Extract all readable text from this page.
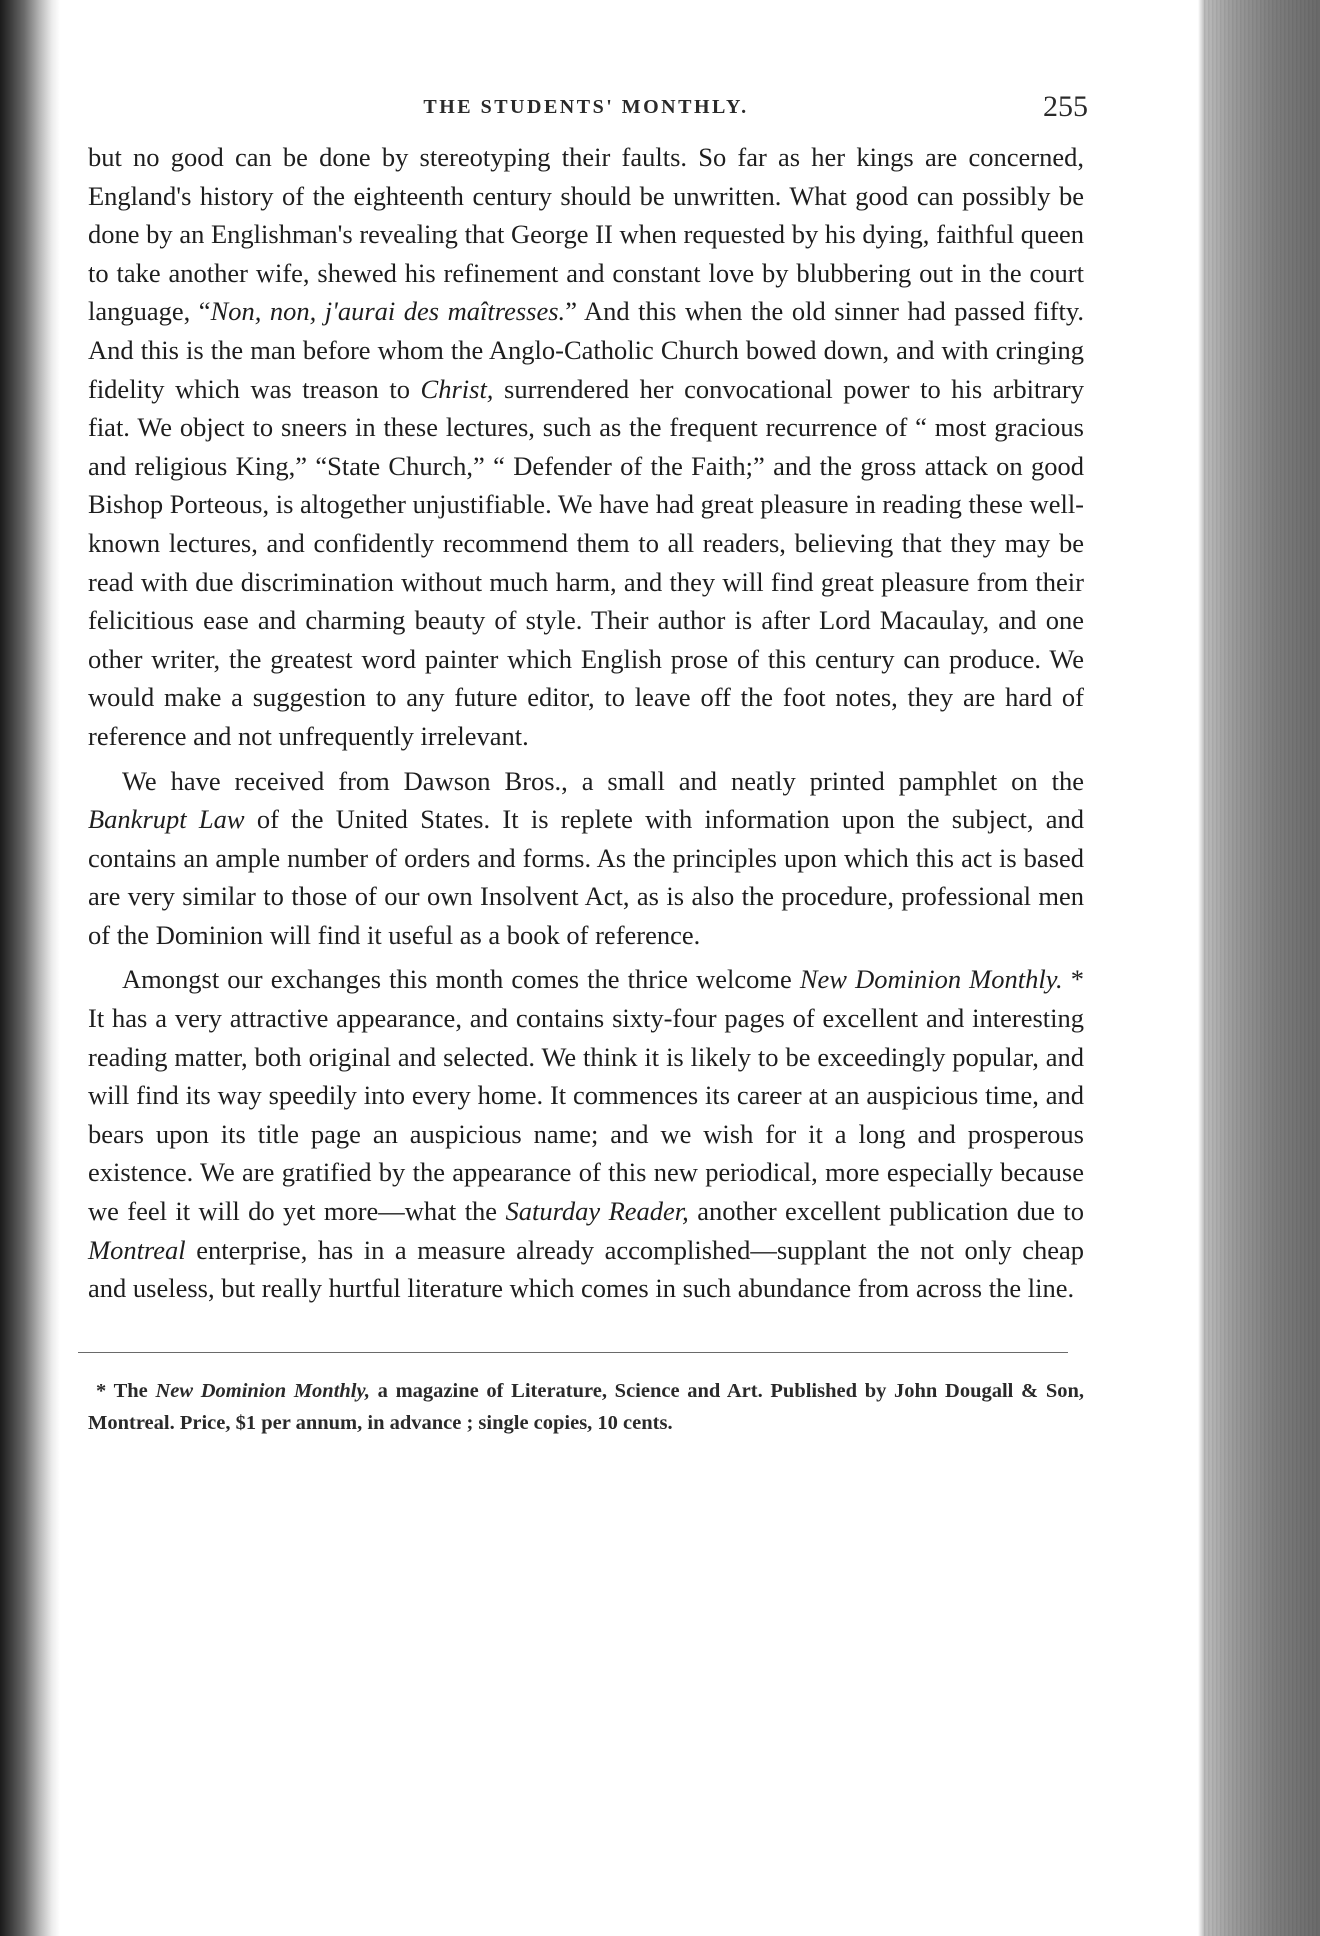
THE STUDENTS' MONTHLY.	255

but no good can be done by stereotyping their faults. So far as her kings are concerned, England's history of the eighteenth century should be unwritten. What good can possibly be done by an Englishman's revealing that George II when requested by his dying, faithful queen to take another wife, shewed his refinement and constant love by blubbering out in the court language, “Non, non, j'aurai des maîtresses.” And this when the old sinner had passed fifty. And this is the man before whom the Anglo-Catholic Church bowed down, and with cringing fidelity which was treason to Christ, surrendered her convocational power to his arbitrary fiat. We object to sneers in these lectures, such as the frequent recurrence of “ most gracious and religious King,” “State Church,” “ Defender of the Faith;” and the gross attack on good Bishop Porteous, is altogether unjustifiable. We have had great pleasure in reading these well-known lectures, and confidently recommend them to all readers, believing that they may be read with due discrimination without much harm, and they will find great pleasure from their felicitious ease and charming beauty of style. Their author is after Lord Macaulay, and one other writer, the greatest word painter which English prose of this century can produce. We would make a suggestion to any future editor, to leave off the foot notes, they are hard of reference and not unfrequently irrelevant.

We have received from Dawson Bros., a small and neatly printed pamphlet on the Bankrupt Law of the United States. It is replete with information upon the subject, and contains an ample number of orders and forms. As the principles upon which this act is based are very similar to those of our own Insolvent Act, as is also the procedure, professional men of the Dominion will find it useful as a book of reference.

Amongst our exchanges this month comes the thrice welcome New Dominion Monthly. * It has a very attractive appearance, and contains sixty-four pages of excellent and interesting reading matter, both original and selected. We think it is likely to be exceedingly popular, and will find its way speedily into every home. It commences its career at an auspicious time, and bears upon its title page an auspicious name; and we wish for it a long and prosperous existence. We are gratified by the appearance of this new periodical, more especially because we feel it will do yet more—what the Saturday Reader, another excellent publication due to Montreal enterprise, has in a measure already accomplished—supplant the not only cheap and useless, but really hurtful literature which comes in such abundance from across the line.

* The New Dominion Monthly, a magazine of Literature, Science and Art. Published by John Dougall & Son, Montreal. Price, $1 per annum, in advance ; single copies, 10 cents.
